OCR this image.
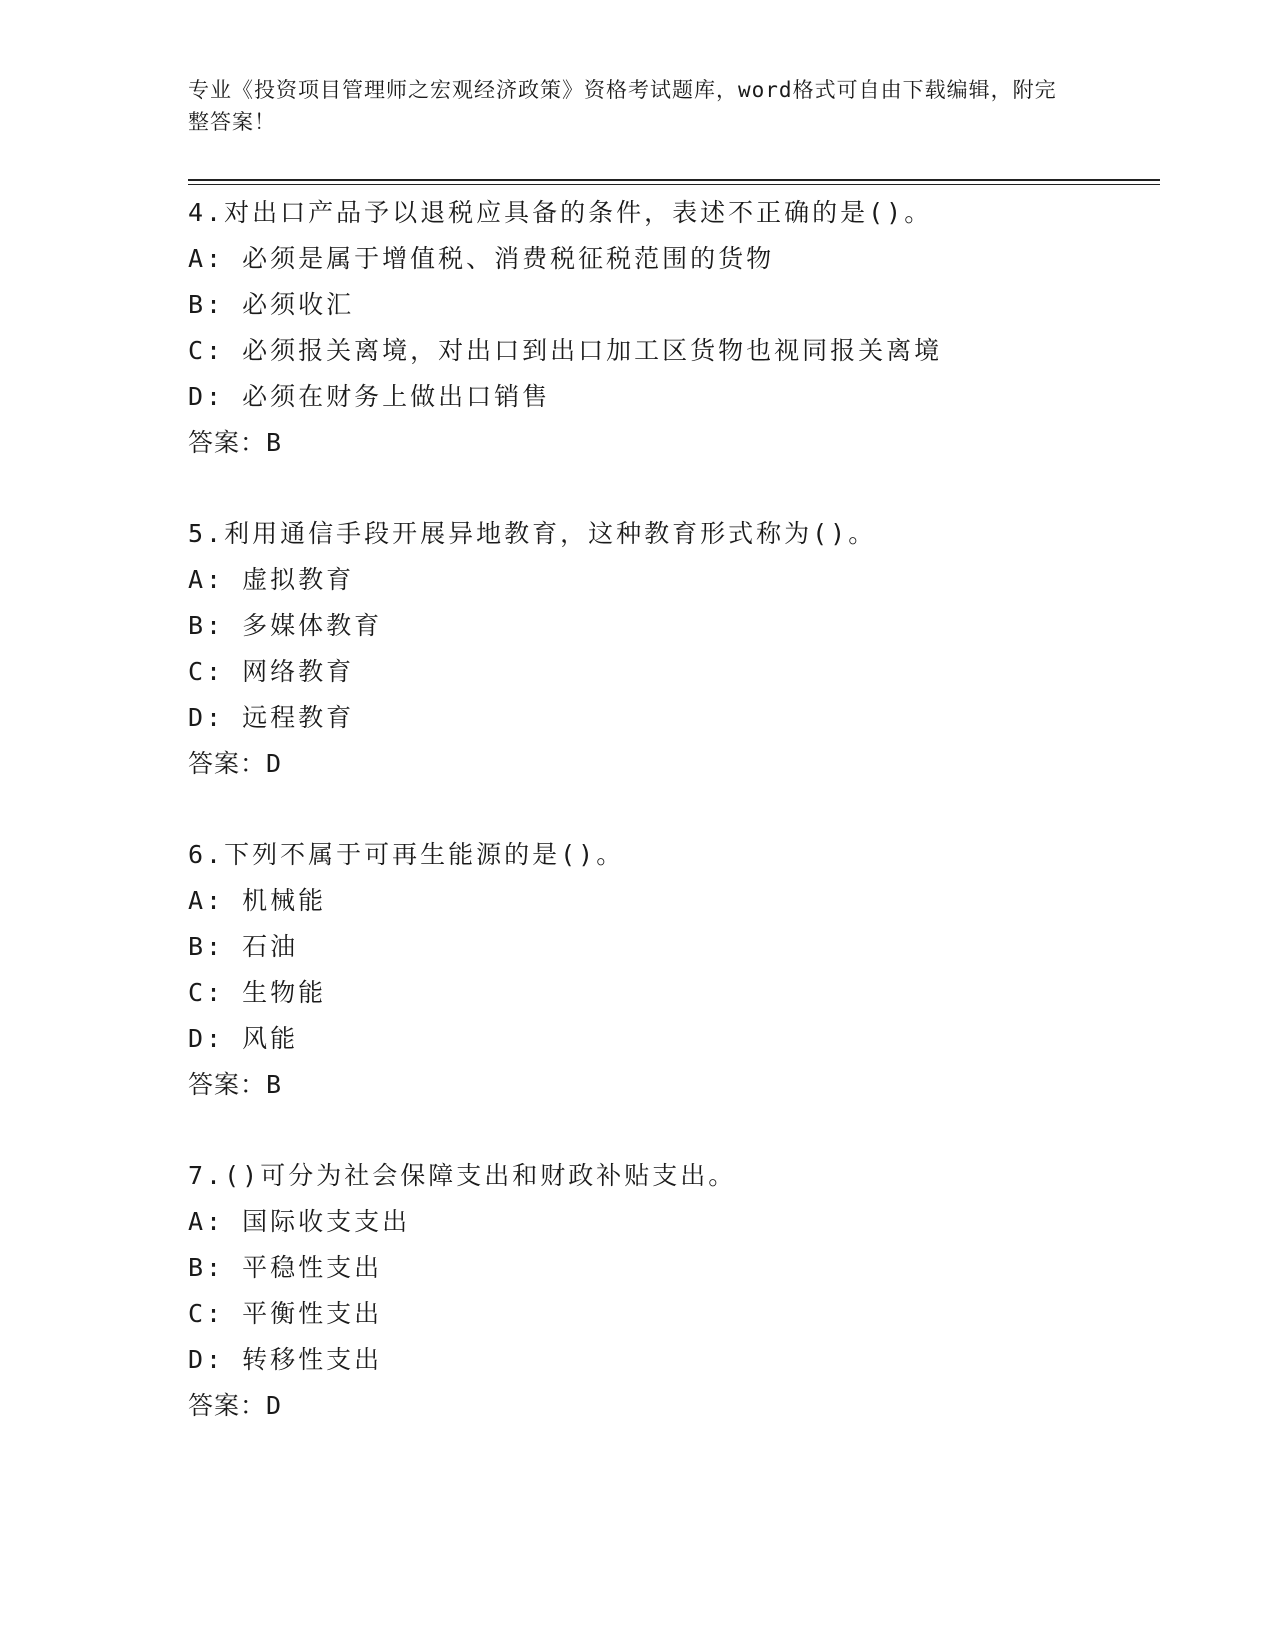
专业《投资项目管理师之宏观经济政策》资格考试题库，word格式可自由下载编辑，附完整答案！
4.对出口产品予以退税应具备的条件，表述不正确的是()。
A: 必须是属于增值税、消费税征税范围的货物
B: 必须收汇
C: 必须报关离境，对出口到出口加工区货物也视同报关离境
D: 必须在财务上做出口销售
答案：B
5.利用通信手段开展异地教育，这种教育形式称为()。
A: 虚拟教育
B: 多媒体教育
C: 网络教育
D: 远程教育
答案：D
6.下列不属于可再生能源的是()。
A: 机械能
B: 石油
C: 生物能
D: 风能
答案：B
7.()可分为社会保障支出和财政补贴支出。
A: 国际收支支出
B: 平稳性支出
C: 平衡性支出
D: 转移性支出
答案：D
